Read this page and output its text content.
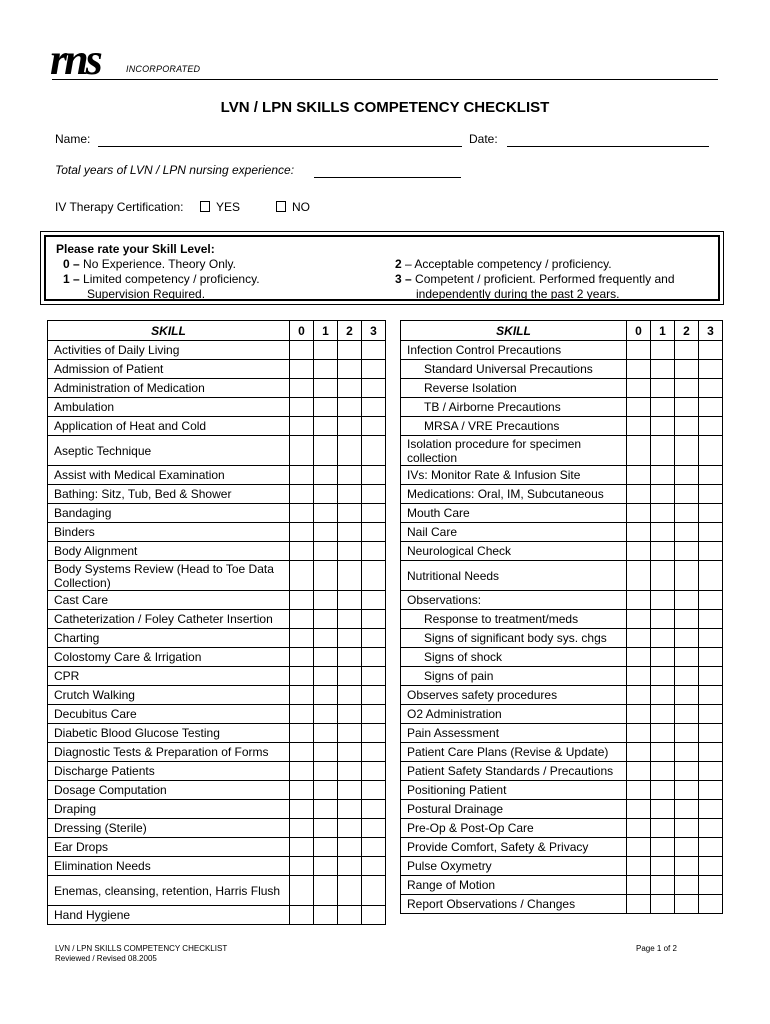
rns	INCORPORATED
LVN / LPN SKILLS COMPETENCY CHECKLIST
Name:	Date:
Total years of LVN / LPN nursing experience:
IV Therapy Certification:	YES	NO
Please rate your Skill Level:
0 – No Experience. Theory Only.
1 – Limited competency / proficiency.
Supervision Required.
2 – Acceptable competency / proficiency.
3 – Competent / proficient. Performed frequently and
independently during the past 2 years.
SKILL	0	1	2	3
Activities of Daily Living				
Admission of Patient				
Administration of Medication				
Ambulation				
Application of Heat and Cold				
Aseptic Technique				
Assist with Medical Examination				
Bathing: Sitz, Tub, Bed & Shower				
Bandaging				
Binders				
Body Alignment				
Body Systems Review (Head to Toe Data Collection)				
Cast Care				
Catheterization / Foley Catheter Insertion				
Charting				
Colostomy Care & Irrigation				
CPR				
Crutch Walking				
Decubitus Care				
Diabetic Blood Glucose Testing				
Diagnostic Tests & Preparation of Forms				
Discharge Patients				
Dosage Computation				
Draping				
Dressing (Sterile)				
Ear Drops				
Elimination Needs				
Enemas, cleansing, retention, Harris Flush				
Hand Hygiene				
SKILL	0	1	2	3
Infection Control Precautions				
Standard Universal Precautions				
Reverse Isolation				
TB / Airborne Precautions				
MRSA / VRE Precautions				
Isolation procedure for specimen collection				
IVs: Monitor Rate & Infusion Site				
Medications: Oral, IM, Subcutaneous				
Mouth Care				
Nail Care				
Neurological Check				
Nutritional Needs				
Observations:				
Response to treatment/meds				
Signs of significant body sys. chgs				
Signs of shock				
Signs of pain				
Observes safety procedures				
O2 Administration				
Pain Assessment				
Patient Care Plans (Revise & Update)				
Patient Safety Standards / Precautions				
Positioning Patient				
Postural Drainage				
Pre-Op & Post-Op Care				
Provide Comfort, Safety & Privacy				
Pulse Oxymetry				
Range of Motion				
Report Observations / Changes				
LVN / LPN SKILLS COMPETENCY CHECKLIST
Reviewed / Revised 08.2005
Page 1 of 2
